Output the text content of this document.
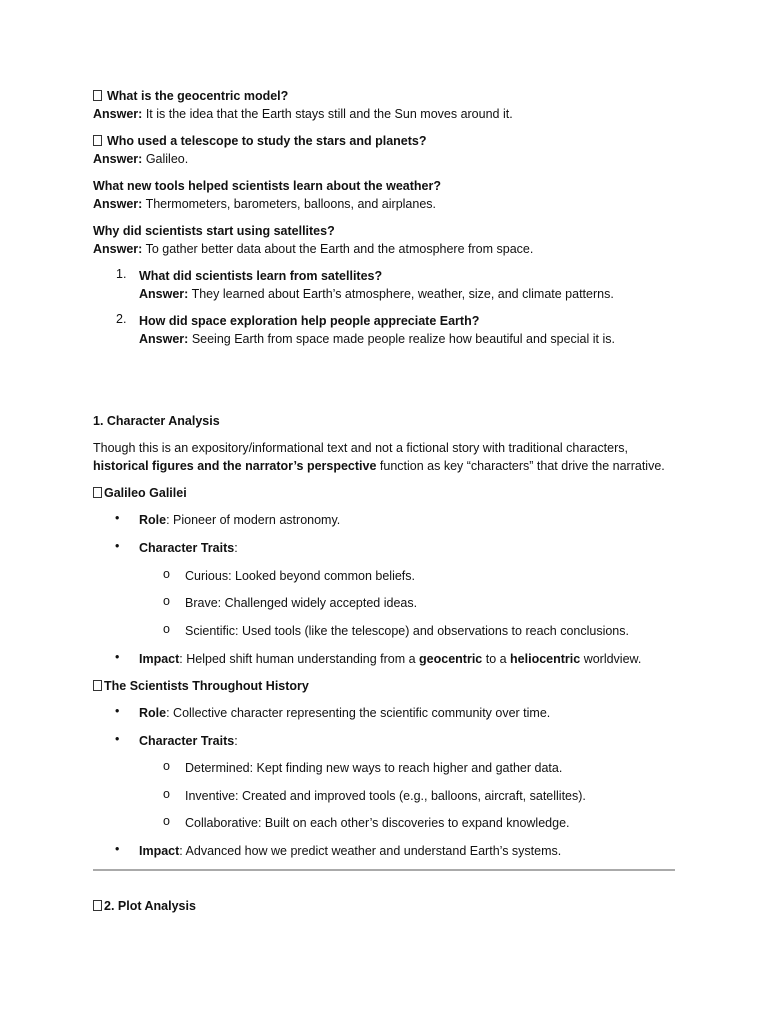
What is the geocentric model?
Answer: It is the idea that the Earth stays still and the Sun moves around it.
Who used a telescope to study the stars and planets?
Answer: Galileo.
What new tools helped scientists learn about the weather?
Answer: Thermometers, barometers, balloons, and airplanes.
Why did scientists start using satellites?
Answer: To gather better data about the Earth and the atmosphere from space.
1.	What did scientists learn from satellites?
Answer: They learned about Earth’s atmosphere, weather, size, and climate patterns.
2.	How did space exploration help people appreciate Earth?
Answer: Seeing Earth from space made people realize how beautiful and special it is.
1. Character Analysis
Though this is an expository/informational text and not a fictional story with traditional characters,
historical figures and the narrator’s perspective function as key “characters” that drive the narrative.
Galileo Galilei
• Role: Pioneer of modern astronomy.
• Character Traits:
o Curious: Looked beyond common beliefs.
o Brave: Challenged widely accepted ideas.
o Scientific: Used tools (like the telescope) and observations to reach conclusions.
• Impact: Helped shift human understanding from a geocentric to a heliocentric worldview.
The Scientists Throughout History
• Role: Collective character representing the scientific community over time.
• Character Traits:
o Determined: Kept finding new ways to reach higher and gather data.
o Inventive: Created and improved tools (e.g., balloons, aircraft, satellites).
o Collaborative: Built on each other’s discoveries to expand knowledge.
• Impact: Advanced how we predict weather and understand Earth’s systems.
2. Plot Analysis
